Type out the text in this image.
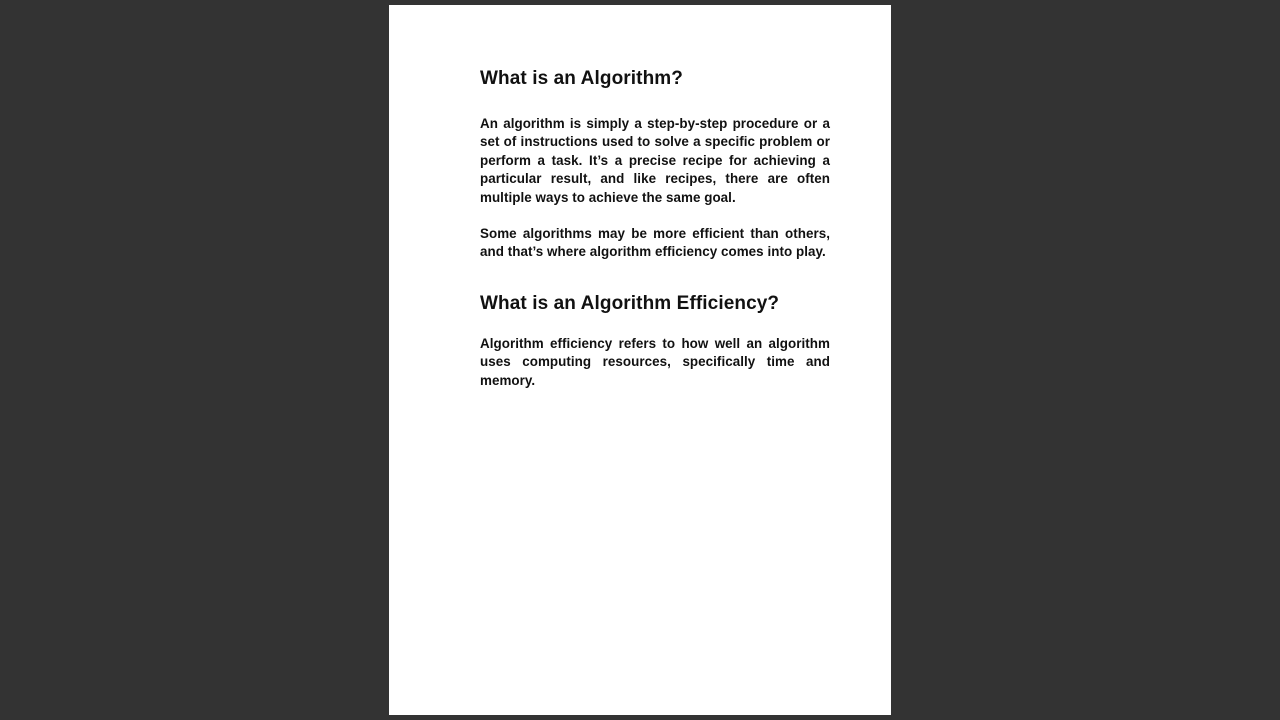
What is an Algorithm?

An algorithm is simply a step-by-step procedure or a set of instructions used to solve a specific problem or perform a task. It’s a precise recipe for achieving a particular result, and like recipes, there are often multiple ways to achieve the same goal.

Some algorithms may be more efficient than others, and that’s where algorithm efficiency comes into play.

What is an Algorithm Efficiency?

Algorithm efficiency refers to how well an algorithm uses computing resources, specifically time and memory.
